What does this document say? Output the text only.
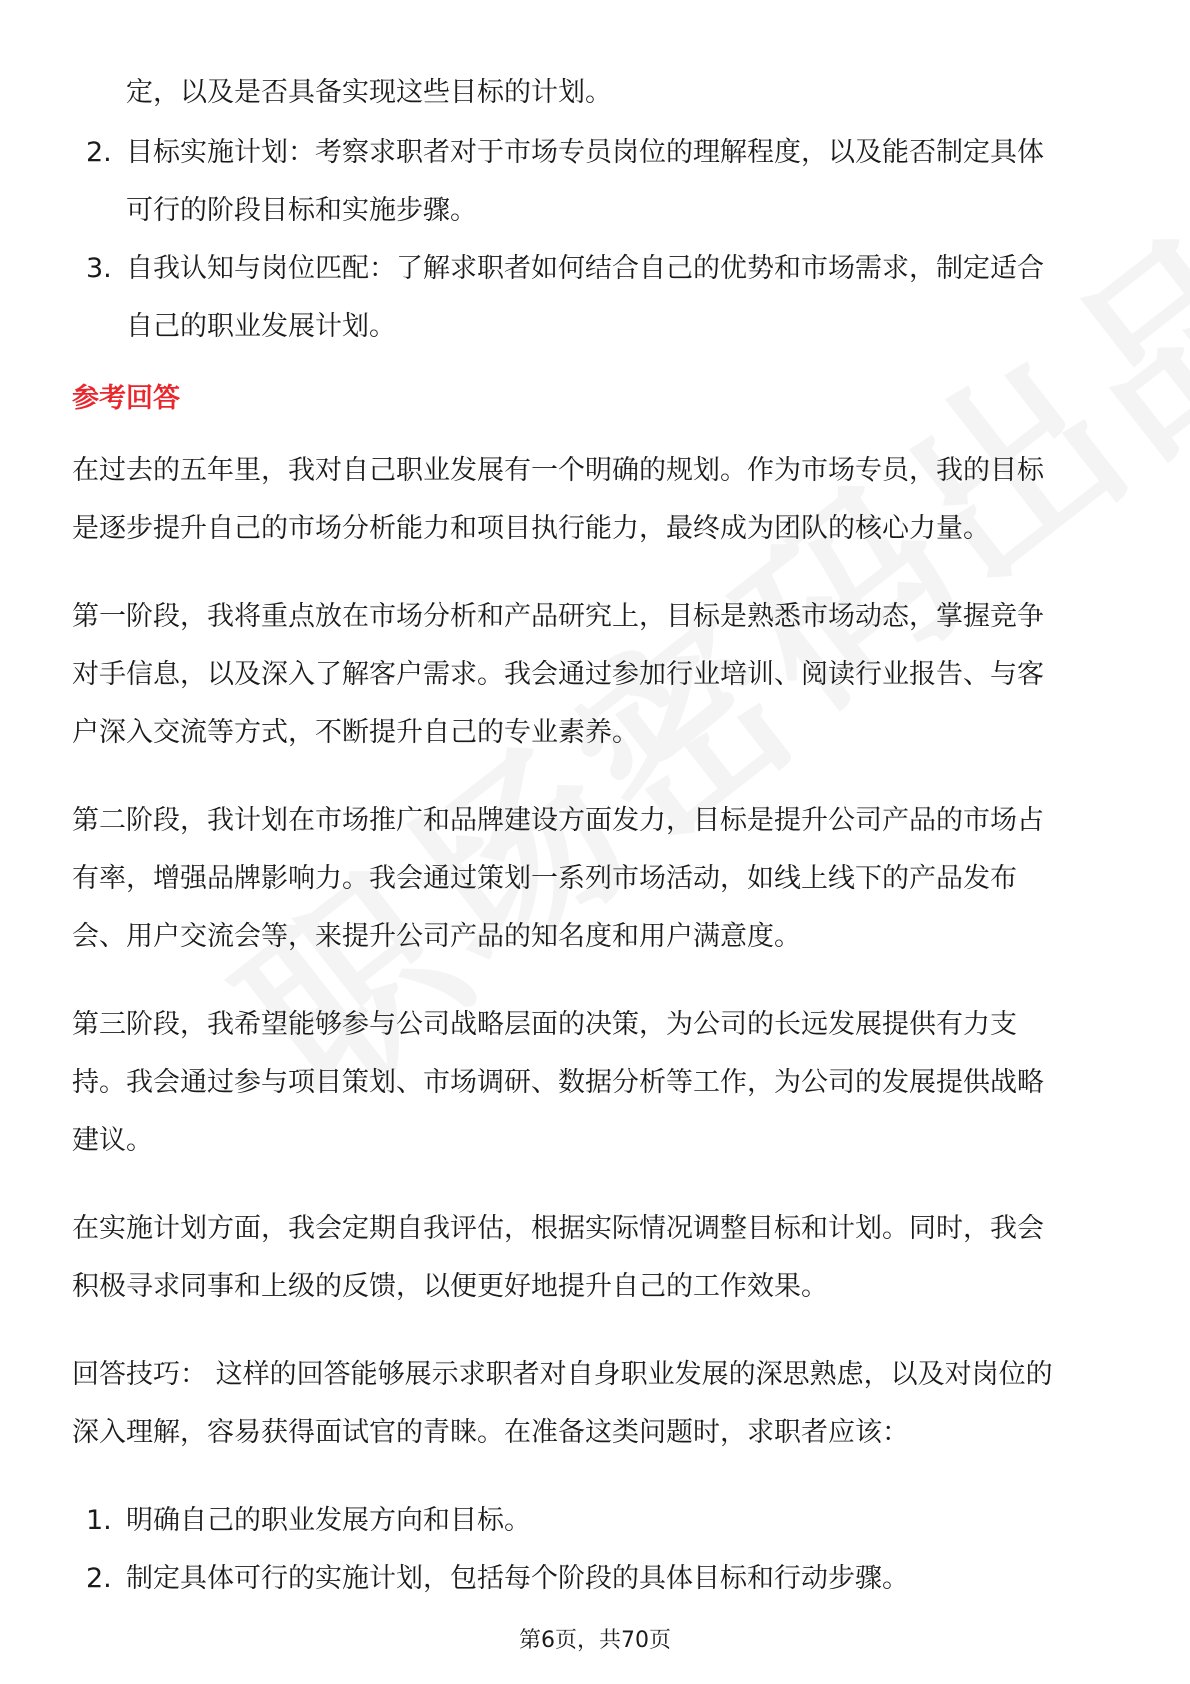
定，以及是否具备实现这些目标的计划。

2. 目标实施计划：考察求职者对于市场专员岗位的理解程度，以及能否制定具体

可行的阶段目标和实施步骤。

3. 自我认知与岗位匹配：了解求职者如何结合自己的优势和市场需求，制定适合

自己的职业发展计划。

参考回答

在过去的五年里，我对自己职业发展有一个明确的规划。作为市场专员，我的目标

是逐步提升自己的市场分析能力和项目执行能力，最终成为团队的核心力量。

第一阶段，我将重点放在市场分析和产品研究上，目标是熟悉市场动态，掌握竞争

对手信息，以及深入了解客户需求。我会通过参加行业培训、阅读行业报告、与客

户深入交流等方式，不断提升自己的专业素养。

第二阶段，我计划在市场推广和品牌建设方面发力，目标是提升公司产品的市场占

有率，增强品牌影响力。我会通过策划一系列市场活动，如线上线下的产品发布

会、用户交流会等，来提升公司产品的知名度和用户满意度。

第三阶段，我希望能够参与公司战略层面的决策，为公司的长远发展提供有力支

持。我会通过参与项目策划、市场调研、数据分析等工作，为公司的发展提供战略

建议。

在实施计划方面，我会定期自我评估，根据实际情况调整目标和计划。同时，我会

积极寻求同事和上级的反馈，以便更好地提升自己的工作效果。

回答技巧： 这样的回答能够展示求职者对自身职业发展的深思熟虑，以及对岗位的

深入理解，容易获得面试官的青睐。在准备这类问题时，求职者应该：

1. 明确自己的职业发展方向和目标。

2. 制定具体可行的实施计划，包括每个阶段的具体目标和行动步骤。

第6页，共70页
